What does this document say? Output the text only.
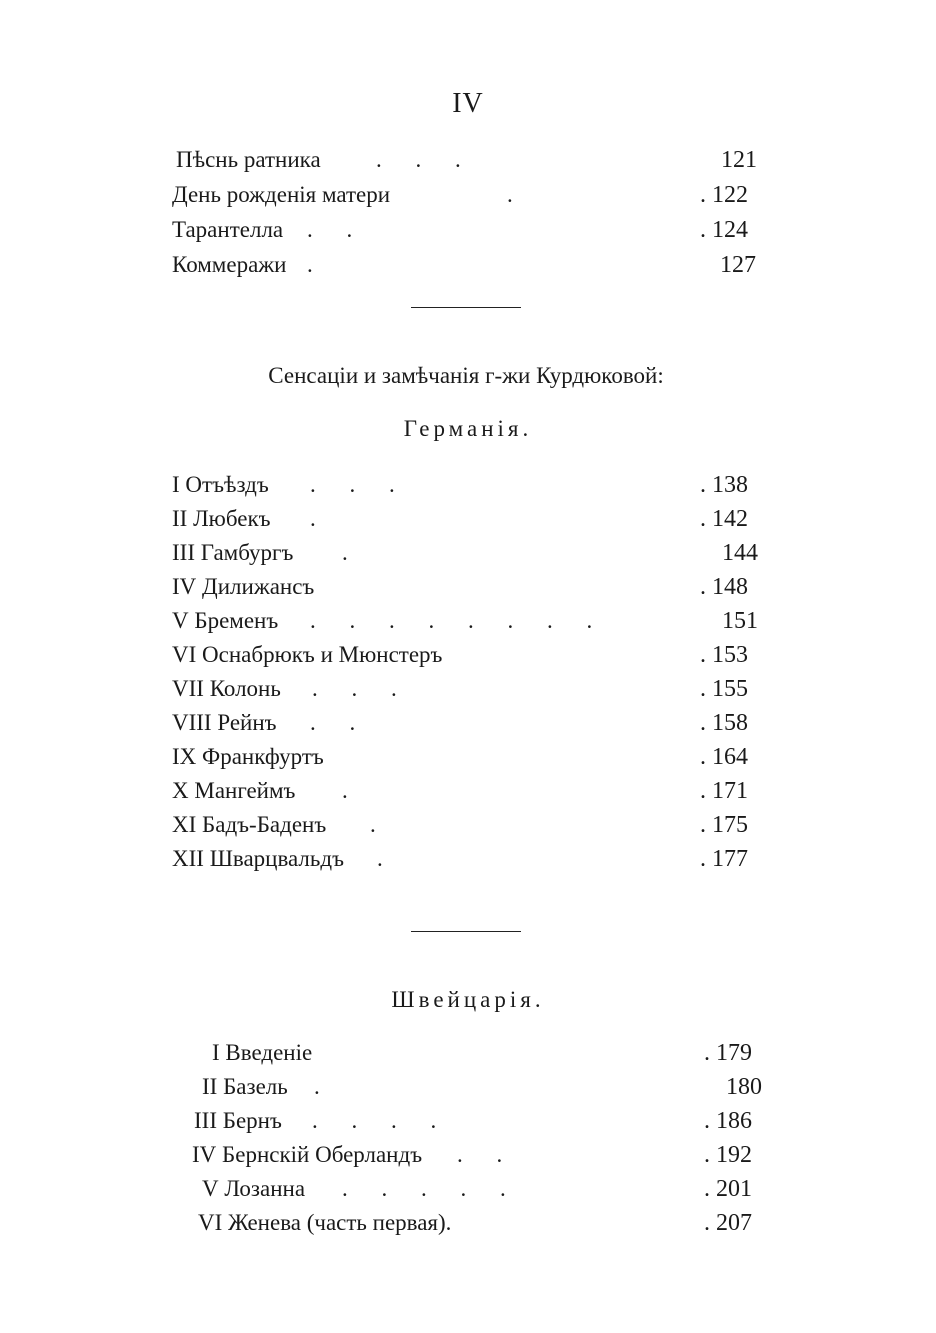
IV
Пѣснь ратника . . .	121
День рожденія матери	.	. 122
Тарантелла . .	. 124
Коммеражи .	127
Сенсаціи и замѣчанія г-жи Курдюковой:
Германія.
I Отъѣздъ . . .	. 138
II Любекъ .	. 142
III Гамбургъ .	144
IV Дилижансъ	. 148
V Бременъ . . . . . . . .	151
VI Оснабрюкъ и Мюнстеръ	. 153
VII Колонь . . .	. 155
VIII Рейнъ . .	. 158
IX Франкфуртъ	. 164
X Мангеймъ .	. 171
XI Бадъ-Баденъ .	. 175
XII Шварцвальдъ .	. 177
Швейцарія.
I Введеніе	. 179
II Базель .	180
III Бернъ . . . .	. 186
IV Бернскій Оберландъ . .	. 192
V Лозанна . . . . .	. 201
VI Женева (часть первая).	. 207
